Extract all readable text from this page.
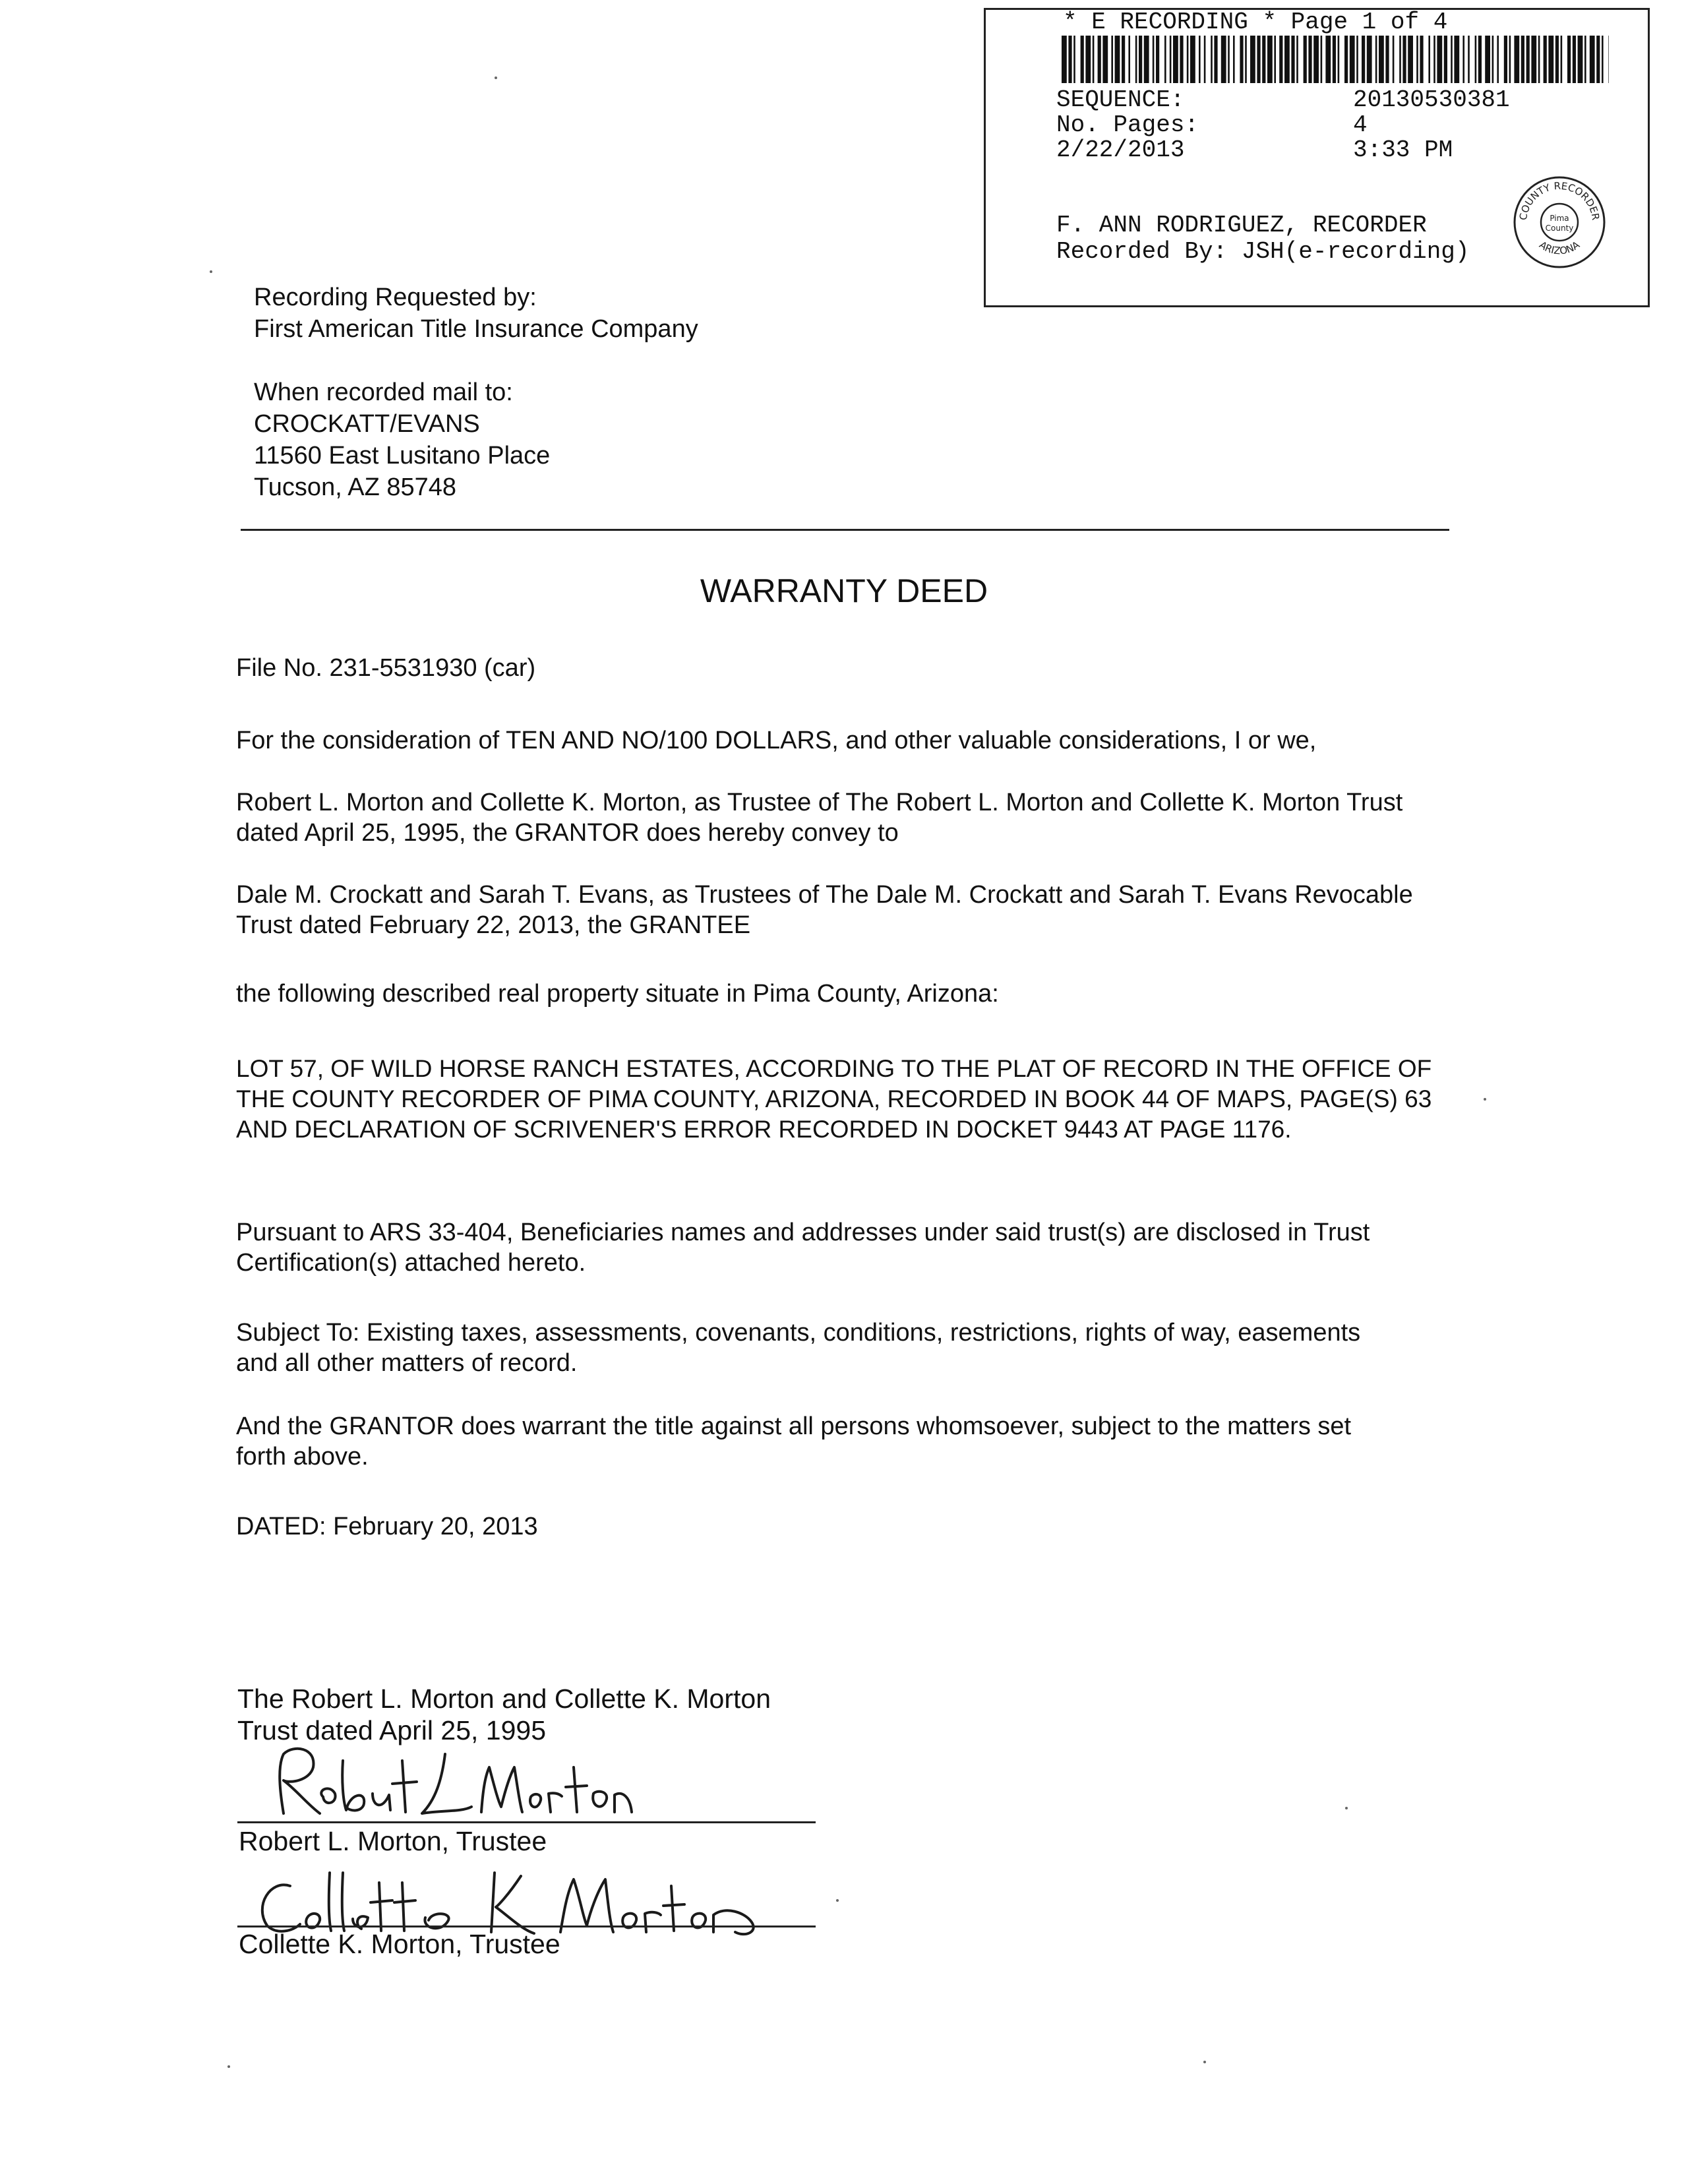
* E RECORDING * Page 1 of 4
SEQUENCE:	20130530381
No. Pages:	4
2/22/2013	3:33 PM
F. ANN RODRIGUEZ, RECORDER
Recorded By: JSH(e-recording)
COUNTY RECORDER
ARIZONA
Pima
County
Recording Requested by:
First American Title Insurance Company
When recorded mail to:
CROCKATT/EVANS
11560 East Lusitano Place
Tucson, AZ 85748
WARRANTY DEED
File No. 231-5531930 (car)
For the consideration of TEN AND NO/100 DOLLARS, and other valuable considerations, I or we,
Robert L. Morton and Collette K. Morton, as Trustee of The Robert L. Morton and Collette K. Morton Trust
dated April 25, 1995, the GRANTOR does hereby convey to
Dale M. Crockatt and Sarah T. Evans, as Trustees of The Dale M. Crockatt and Sarah T. Evans Revocable
Trust dated February 22, 2013, the GRANTEE
the following described real property situate in Pima County, Arizona:
LOT 57, OF WILD HORSE RANCH ESTATES, ACCORDING TO THE PLAT OF RECORD IN THE OFFICE OF
THE COUNTY RECORDER OF PIMA COUNTY, ARIZONA, RECORDED IN BOOK 44 OF MAPS, PAGE(S) 63
AND DECLARATION OF SCRIVENER'S ERROR RECORDED IN DOCKET 9443 AT PAGE 1176.
Pursuant to ARS 33-404, Beneficiaries names and addresses under said trust(s) are disclosed in Trust
Certification(s) attached hereto.
Subject To: Existing taxes, assessments, covenants, conditions, restrictions, rights of way, easements
and all other matters of record.
And the GRANTOR does warrant the title against all persons whomsoever, subject to the matters set
forth above.
DATED: February 20, 2013
The Robert L. Morton and Collette K. Morton
Trust dated April 25, 1995
Robert L. Morton, Trustee
Collette K. Morton, Trustee
